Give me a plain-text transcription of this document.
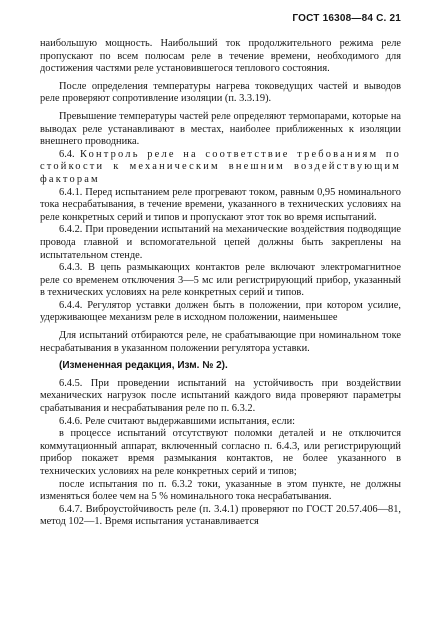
ГОСТ 16308—84 С. 21

наибольшую мощность. Наибольший ток продолжительного режима реле пропускают по всем полюсам реле в течение времени, необходимого для достижения частями реле установившегося теплового состояния.

После определения температуры нагрева токоведущих частей и выводов реле проверяют сопротивление изоляции (п. 3.3.19).

Превышение температуры частей реле определяют термопарами, которые на выводах реле устанавливают в местах, наиболее приближенных к изоляции внешнего проводника.

6.4. Контроль реле на соответствие требованиям по стойкости к механическим внешним воздействующим факторам

6.4.1. Перед испытанием реле прогревают током, равным 0,95 номинального тока несрабатывания, в течение времени, указанного в технических условиях на реле конкретных серий и типов и пропускают этот ток во время испытаний.

6.4.2. При проведении испытаний на механические воздействия подводящие провода главной и вспомогательной цепей должны быть закреплены на испытательном стенде.

6.4.3. В цепь размыкающих контактов реле включают электромагнитное реле со временем отключения 3—5 мс или регистрирующий прибор, указанный в технических условиях на реле конкретных серий и типов.

6.4.4. Регулятор уставки должен быть в положении, при котором усилие, удерживающее механизм реле в исходном положении, наименьшее

Для испытаний отбираются реле, не срабатывающие при номинальном токе несрабатывания в указанном положении регулятора уставки.

(Измененная редакция, Изм. № 2).

6.4.5. При проведении испытаний на устойчивость при воздействии механических нагрузок после испытаний каждого вида проверяют параметры срабатывания и несрабатывания реле по п. 6.3.2.

6.4.6. Реле считают выдержавшими испытания, если:

в процессе испытаний отсутствуют поломки деталей и не отключится коммутационный аппарат, включенный согласно п. 6.4.3, или регистрирующий прибор покажет время размыкания контактов, не более указанного в технических условиях на реле конкретных серий и типов;

после испытания по п. 6.3.2 токи, указанные в этом пункте, не должны изменяться более чем на 5 % номинального тока несрабатывания.

6.4.7. Виброустойчивость реле (п. 3.4.1) проверяют по ГОСТ 20.57.406—81, метод 102—1. Время испытания устанавливается
